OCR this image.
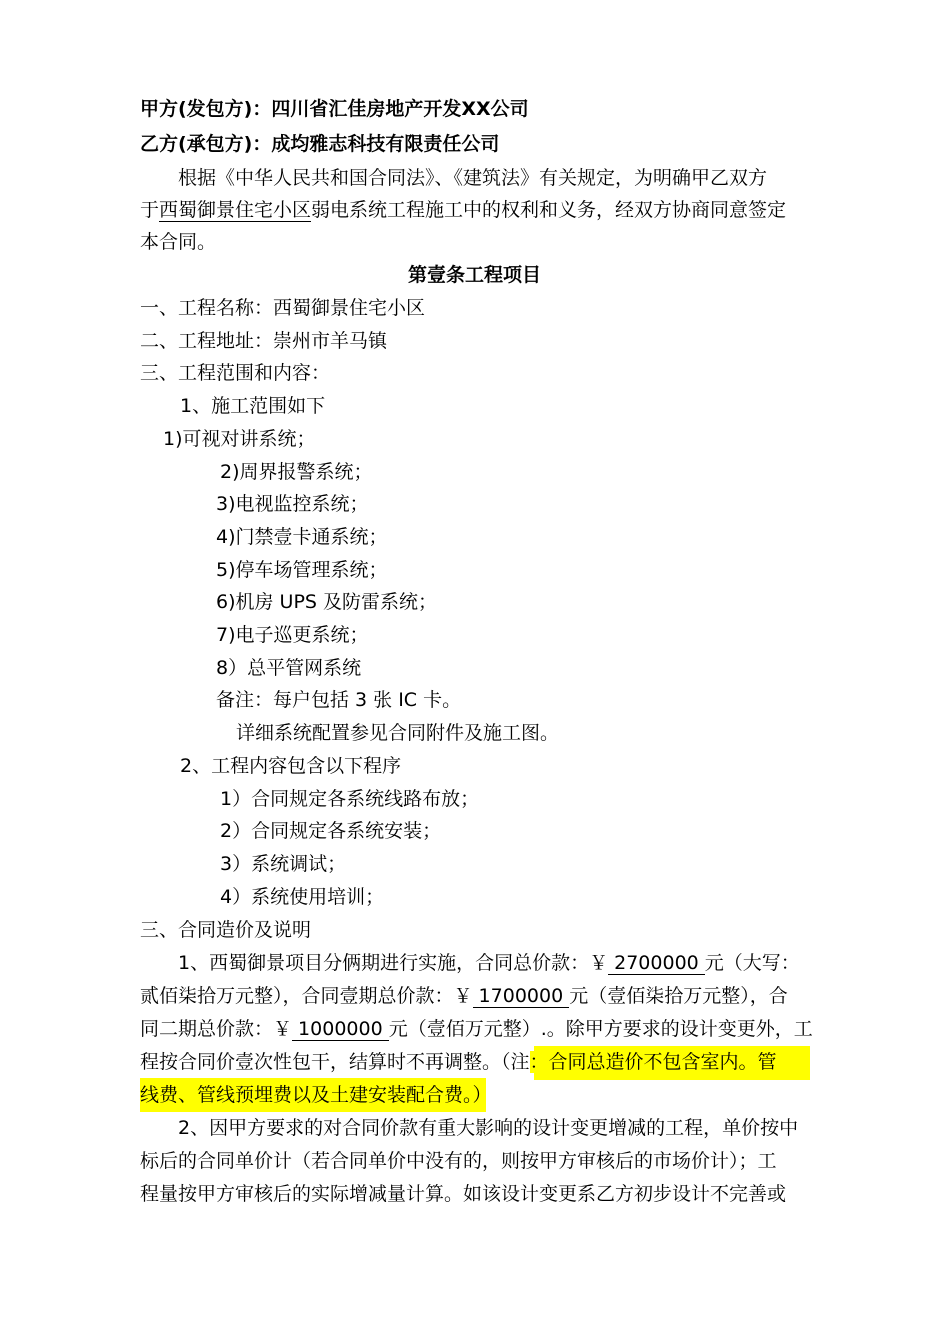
甲方(发包方)：四川省汇佳房地产开发XX公司
乙方(承包方)：成均雅志科技有限责任公司
根据《中华人民共和国合同法》、《建筑法》有关规定，为明确甲乙双方
于西蜀御景住宅小区弱电系统工程施工中的权利和义务，经双方协商同意签定
本合同。
第壹条工程项目
一、工程名称：西蜀御景住宅小区
二、工程地址：崇州市羊马镇
三、工程范围和内容：
1、施工范围如下
1)可视对讲系统；
2)周界报警系统；
3)电视监控系统；
4)门禁壹卡通系统；
5)停车场管理系统；
6)机房 UPS 及防雷系统；
7)电子巡更系统；
8）总平管网系统
备注：每户包括 3 张 IC 卡。
详细系统配置参见合同附件及施工图。
2、工程内容包含以下程序
1）合同规定各系统线路布放；
2）合同规定各系统安装；
3）系统调试；
4）系统使用培训；
三、合同造价及说明
1、西蜀御景项目分俩期进行实施，合同总价款：￥ 2700000 元（大写：
贰佰柒拾万元整），合同壹期总价款：￥ 1700000 元（壹佰柒拾万元整），合
同二期总价款：￥ 1000000 元（壹佰万元整）.。除甲方要求的设计变更外，工
程按合同价壹次性包干，结算时不再调整。（注：合同总造价不包含室内。管
线费、管线预埋费以及土建安装配合费。）
2、因甲方要求的对合同价款有重大影响的设计变更增减的工程，单价按中
标后的合同单价计（若合同单价中没有的，则按甲方审核后的市场价计）；工
程量按甲方审核后的实际增减量计算。如该设计变更系乙方初步设计不完善或
